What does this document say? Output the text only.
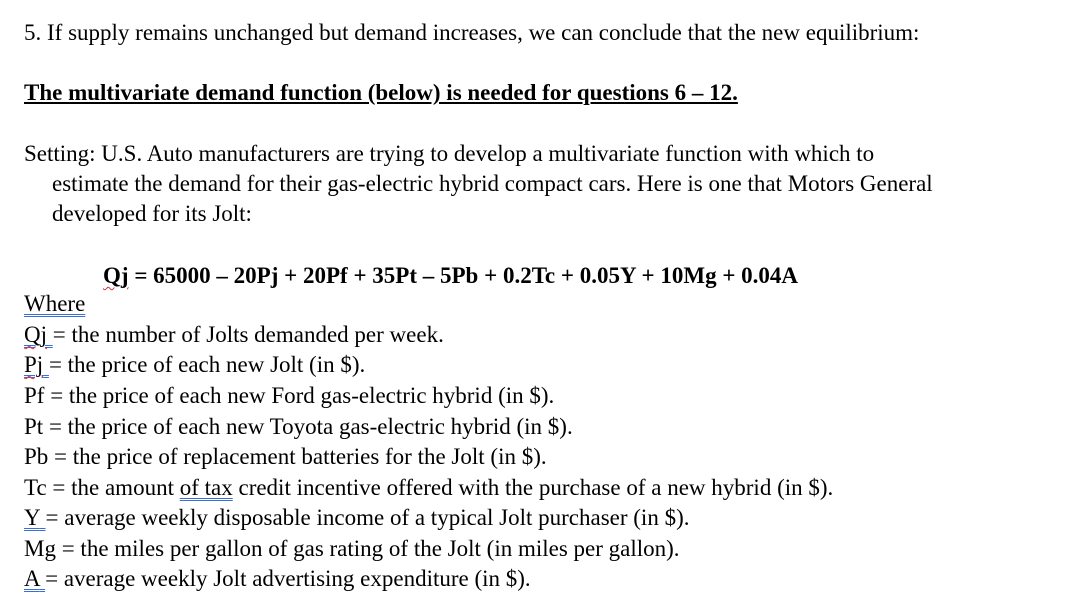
5. If supply remains unchanged but demand increases, we can conclude that the new equilibrium:
The multivariate demand function (below) is needed for questions 6 – 12.
Setting: U.S. Auto manufacturers are trying to develop a multivariate function with which to
estimate the demand for their gas-electric hybrid compact cars. Here is one that Motors General
developed for its Jolt:
Qj = 65000 – 20Pj + 20Pf + 35Pt – 5Pb + 0.2Tc + 0.05Y + 10Mg + 0.04A
Where
Qj = the number of Jolts demanded per week.
Pj = the price of each new Jolt (in $).
Pf = the price of each new Ford gas-electric hybrid (in $).
Pt = the price of each new Toyota gas-electric hybrid (in $).
Pb = the price of replacement batteries for the Jolt (in $).
Tc = the amount of tax credit incentive offered with the purchase of a new hybrid (in $).
Y = average weekly disposable income of a typical Jolt purchaser (in $).
Mg = the miles per gallon of gas rating of the Jolt (in miles per gallon).
A = average weekly Jolt advertising expenditure (in $).
